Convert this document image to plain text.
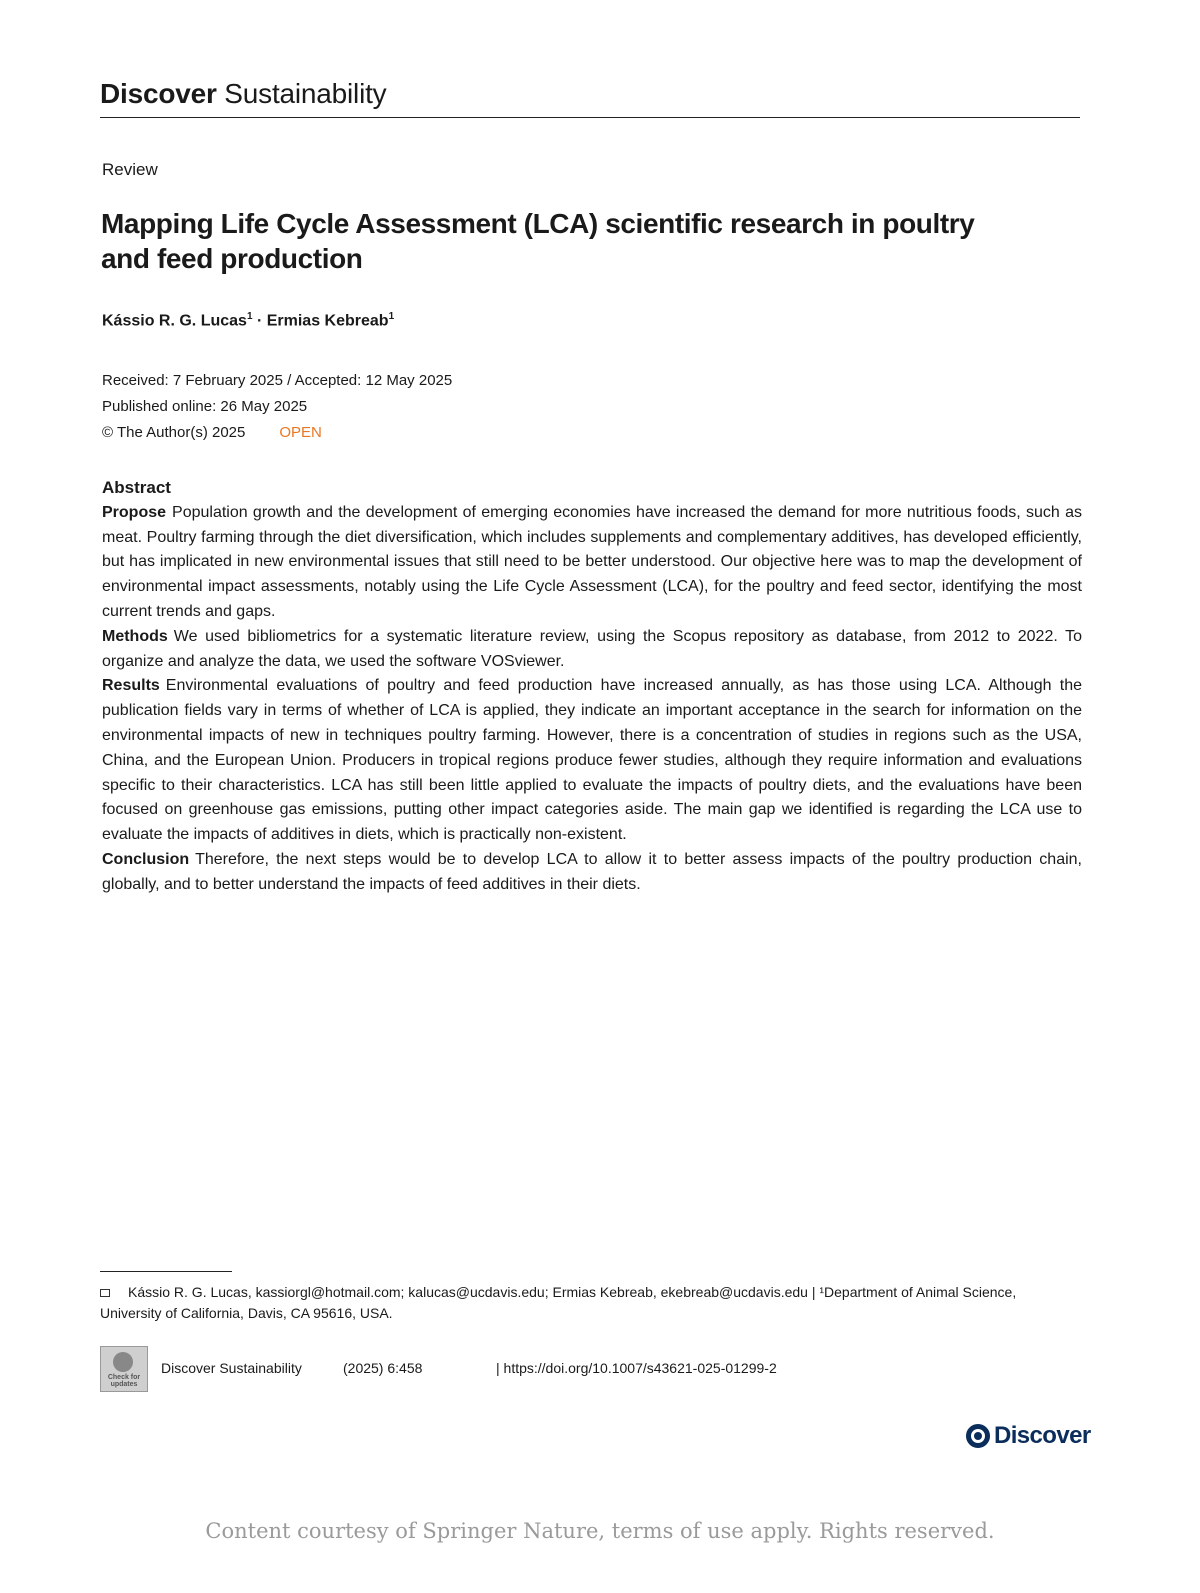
Discover Sustainability
Review
Mapping Life Cycle Assessment (LCA) scientific research in poultry and feed production
Kássio R. G. Lucas$^1$ · Ermias Kebreab$^1$
Received: 7 February 2025 / Accepted: 12 May 2025
Published online: 26 May 2025
© The Author(s) 2025 OPEN
Abstract

Propose Population growth and the development of emerging economies have increased the demand for more nutritious foods, such as meat. Poultry farming through the diet diversification, which includes supplements and complementary additives, has developed efficiently, but has implicated in new environmental issues that still need to be better understood. Our objective here was to map the development of environmental impact assessments, notably using the Life Cycle Assessment (LCA), for the poultry and feed sector, identifying the most current trends and gaps.

Methods We used bibliometrics for a systematic literature review, using the Scopus repository as database, from 2012 to 2022. To organize and analyze the data, we used the software VOSviewer.

Results Environmental evaluations of poultry and feed production have increased annually, as has those using LCA. Although the publication fields vary in terms of whether of LCA is applied, they indicate an important acceptance in the search for information on the environmental impacts of new in techniques poultry farming. However, there is a concentration of studies in regions such as the USA, China, and the European Union. Producers in tropical regions produce fewer studies, although they require information and evaluations specific to their characteristics. LCA has still been little applied to evaluate the impacts of poultry diets, and the evaluations have been focused on greenhouse gas emissions, putting other impact categories aside. The main gap we identified is regarding the LCA use to evaluate the impacts of additives in diets, which is practically non-existent.

Conclusion Therefore, the next steps would be to develop LCA to allow it to better assess impacts of the poultry production chain, globally, and to better understand the impacts of feed additives in their diets.

Kássio R. G. Lucas, kassiorgl@hotmail.com; kalucas@ucdavis.edu; Ermias Kebreab, ekebreab@ucdavis.edu | ¹Department of Animal Science, University of California, Davis, CA 95616, USA.
Check for updates
Discover Sustainability	(2025) 6:458	| https://doi.org/10.1007/s43621-025-01299-2
Discover
Content courtesy of Springer Nature, terms of use apply. Rights reserved.
